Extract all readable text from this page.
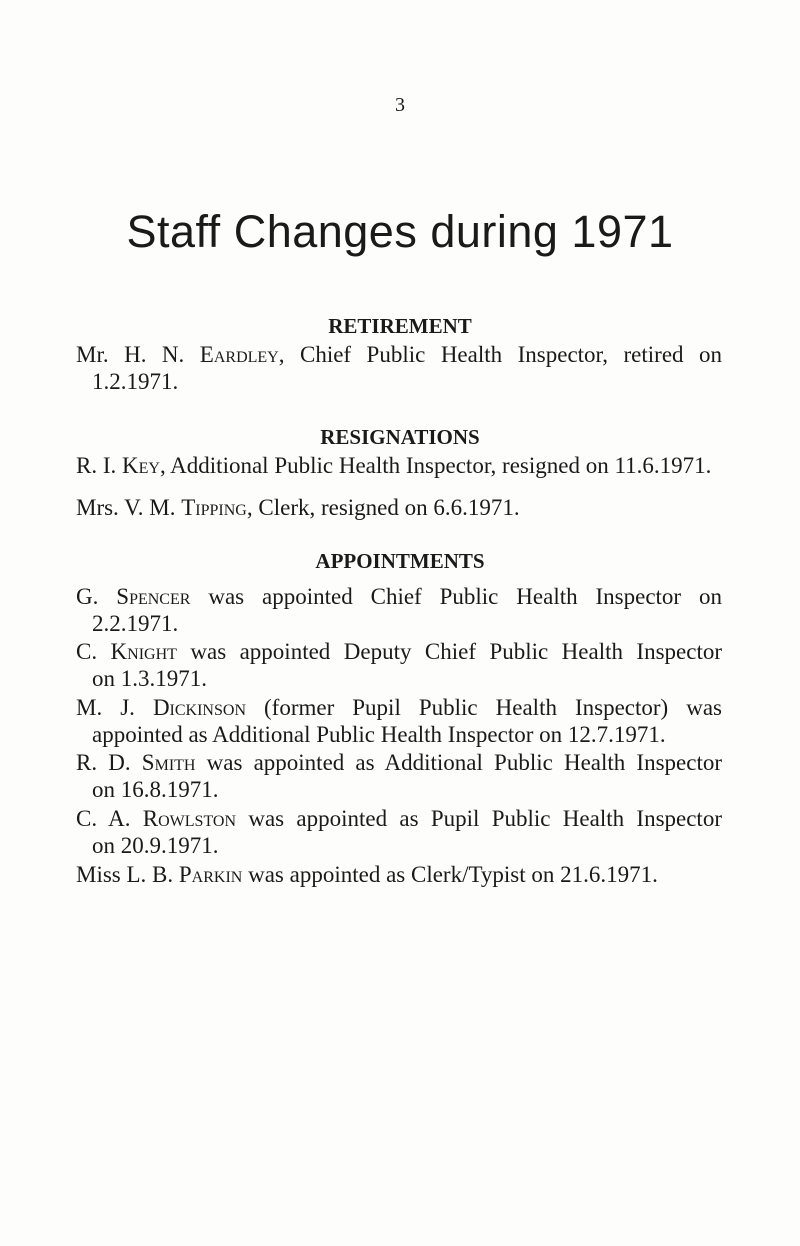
3
Staff Changes during 1971
RETIREMENT

Mr. H. N. Eardley, Chief Public Health Inspector, retired on
1.2.1971.

RESIGNATIONS

R. I. Key, Additional Public Health Inspector, resigned on 11.6.1971.

Mrs. V. M. Tipping, Clerk, resigned on 6.6.1971.

APPOINTMENTS

G. Spencer was appointed Chief Public Health Inspector on
2.2.1971.

C. Knight was appointed Deputy Chief Public Health Inspector
on 1.3.1971.

M. J. Dickinson (former Pupil Public Health Inspector) was
appointed as Additional Public Health Inspector on 12.7.1971.

R. D. Smith was appointed as Additional Public Health Inspector
on 16.8.1971.

C. A. Rowlston was appointed as Pupil Public Health Inspector
on 20.9.1971.

Miss L. B. Parkin was appointed as Clerk/Typist on 21.6.1971.
